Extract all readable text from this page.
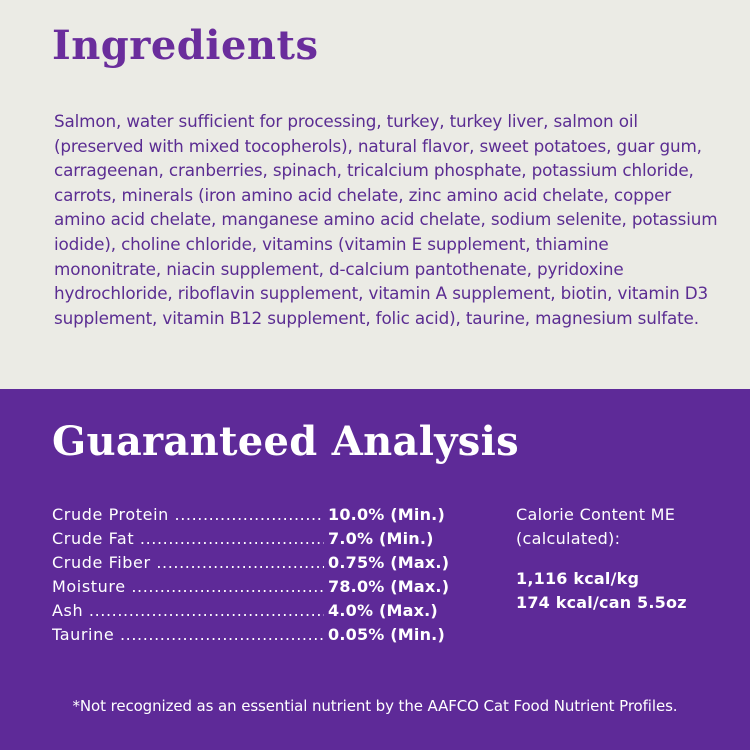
Ingredients

Salmon, water sufficient for processing, turkey, turkey liver, salmon oil (preserved with mixed tocopherols), natural flavor, sweet potatoes, guar gum, carrageenan, cranberries, spinach, tricalcium phosphate, potassium chloride, carrots, minerals (iron amino acid chelate, zinc amino acid chelate, copper amino acid chelate, manganese amino acid chelate, sodium selenite, potassium iodide), choline chloride, vitamins (vitamin E supplement, thiamine mononitrate, niacin supplement, d-calcium pantothenate, pyridoxine hydrochloride, riboflavin supplement, vitamin A supplement, biotin, vitamin D3 supplement, vitamin B12 supplement, folic acid), taurine, magnesium sulfate.

Guaranteed Analysis
Crude Protein .....	10.0% (Min.)
Crude Fat .....	7.0% (Min.)
Crude Fiber .....	0.75% (Max.)
Moisture .....	78.0% (Max.)
Ash .....	4.0% (Max.)
Taurine .....	0.05% (Min.)
Calorie Content ME
(calculated):
1,116 kcal/kg
174 kcal/can 5.5oz

*Not recognized as an essential nutrient by the AAFCO Cat Food Nutrient Profiles.
